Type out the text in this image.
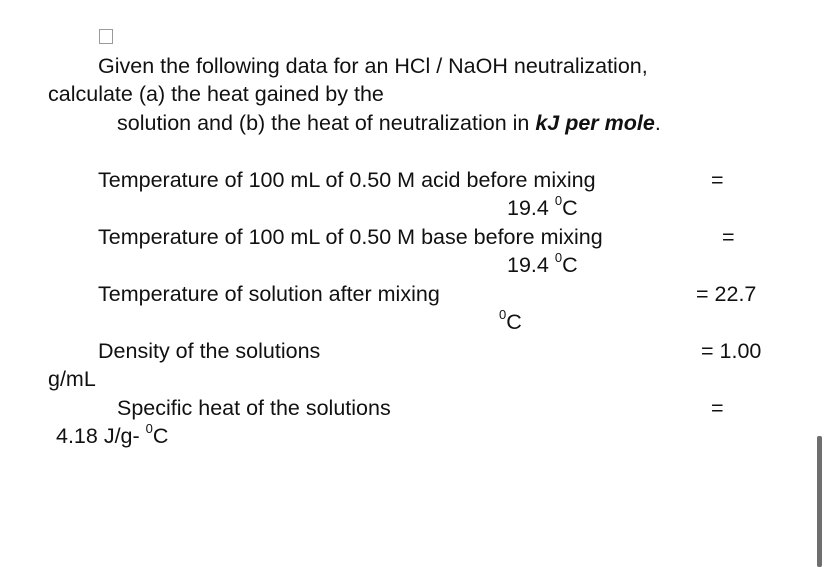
Given the following data for an HCl / NaOH neutralization,
calculate (a) the heat gained by the
solution and (b) the heat of neutralization in kJ per mole.
Temperature of 100 mL of 0.50 M acid before mixing	=
19.4 $^0$C
Temperature of 100 mL of 0.50 M base before mixing	=
19.4 $^0$C
Temperature of solution after mixing	= 22.7
$^0$C
Density of the solutions	= 1.00
g/mL
Specific heat of the solutions	=
4.18 J/g- $^0$C
